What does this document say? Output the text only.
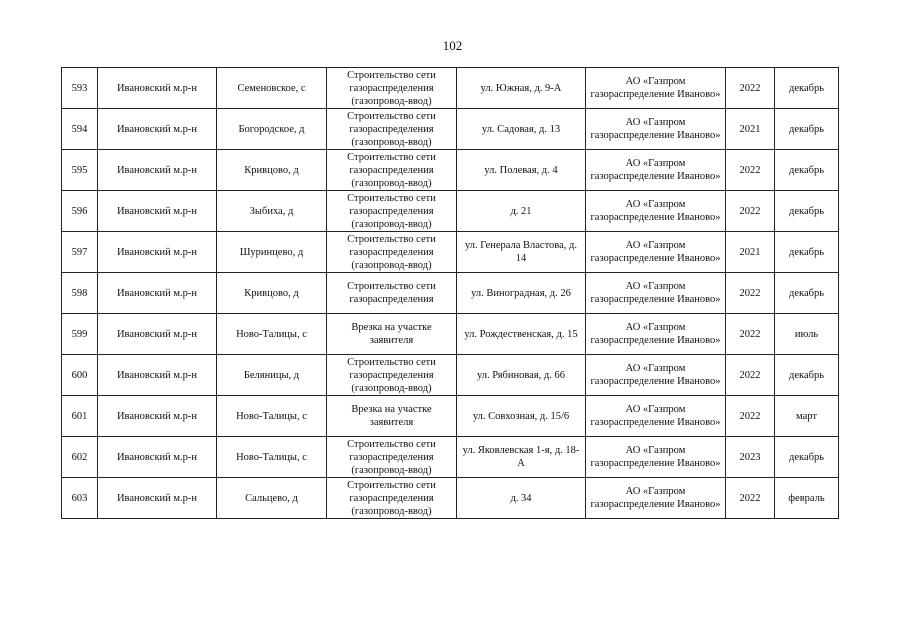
102
593	Ивановский м.р-н	Семеновское, с	Строительство сети газораспределения (газопровод-ввод)	ул. Южная, д. 9-А	АО «Газпром газораспределение Иваново»	2022	декабрь
594	Ивановский м.р-н	Богородское, д	Строительство сети газораспределения (газопровод-ввод)	ул. Садовая, д. 13	АО «Газпром газораспределение Иваново»	2021	декабрь
595	Ивановский м.р-н	Кривцово, д	Строительство сети газораспределения (газопровод-ввод)	ул. Полевая, д. 4	АО «Газпром газораспределение Иваново»	2022	декабрь
596	Ивановский м.р-н	Зыбиха, д	Строительство сети газораспределения (газопровод-ввод)	д. 21	АО «Газпром газораспределение Иваново»	2022	декабрь
597	Ивановский м.р-н	Шуринцево, д	Строительство сети газораспределения (газопровод-ввод)	ул. Генерала Властова, д. 14	АО «Газпром газораспределение Иваново»	2021	декабрь
598	Ивановский м.р-н	Кривцово, д	Строительство сети газораспределения	ул. Виноградная, д. 26	АО «Газпром газораспределение Иваново»	2022	декабрь
599	Ивановский м.р-н	Ново-Талицы, с	Врезка на участке заявителя	ул. Рождественская, д. 15	АО «Газпром газораспределение Иваново»	2022	июль
600	Ивановский м.р-н	Беляницы, д	Строительство сети газораспределения (газопровод-ввод)	ул. Рябиновая, д. 66	АО «Газпром газораспределение Иваново»	2022	декабрь
601	Ивановский м.р-н	Ново-Талицы, с	Врезка на участке заявителя	ул. Совхозная, д. 15/6	АО «Газпром газораспределение Иваново»	2022	март
602	Ивановский м.р-н	Ново-Талицы, с	Строительство сети газораспределения (газопровод-ввод)	ул. Яковлевская 1-я, д. 18-А	АО «Газпром газораспределение Иваново»	2023	декабрь
603	Ивановский м.р-н	Сальцево, д	Строительство сети газораспределения (газопровод-ввод)	д. 34	АО «Газпром газораспределение Иваново»	2022	февраль
